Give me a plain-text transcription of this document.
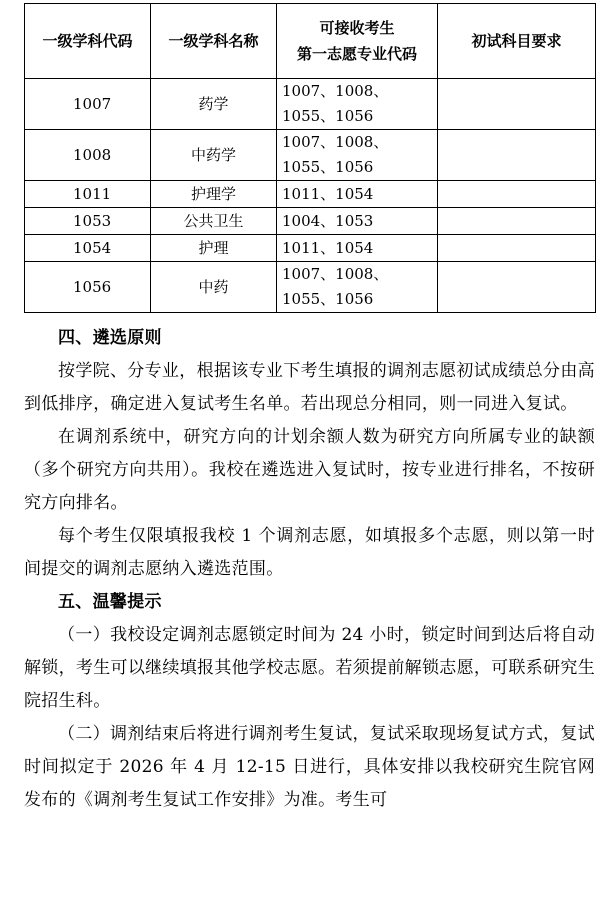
一级学科代码	一级学科名称	可接收考生
第一志愿专业代码	初试科目要求
1007	药学	1007、1008、1055、1056	
1008	中药学	1007、1008、1055、1056	
1011	护理学	1011、1054	
1053	公共卫生	1004、1053	
1054	护理	1011、1054	
1056	中药	1007、1008、1055、1056	
四、遴选原则

按学院、分专业，根据该专业下考生填报的调剂志愿初试成绩总分由高到低排序，确定进入复试考生名单。若出现总分相同，则一同进入复试。

在调剂系统中，研究方向的计划余额人数为研究方向所属专业的缺额（多个研究方向共用）。我校在遴选进入复试时，按专业进行排名，不按研究方向排名。

每个考生仅限填报我校 1 个调剂志愿，如填报多个志愿，则以第一时间提交的调剂志愿纳入遴选范围。

五、温馨提示

（一）我校设定调剂志愿锁定时间为 24 小时，锁定时间到达后将自动解锁，考生可以继续填报其他学校志愿。若须提前解锁志愿，可联系研究生院招生科。

（二）调剂结束后将进行调剂考生复试，复试采取现场复试方式，复试时间拟定于 2026 年 4 月 12-15 日进行，具体安排以我校研究生院官网发布的《调剂考生复试工作安排》为准。考生可
